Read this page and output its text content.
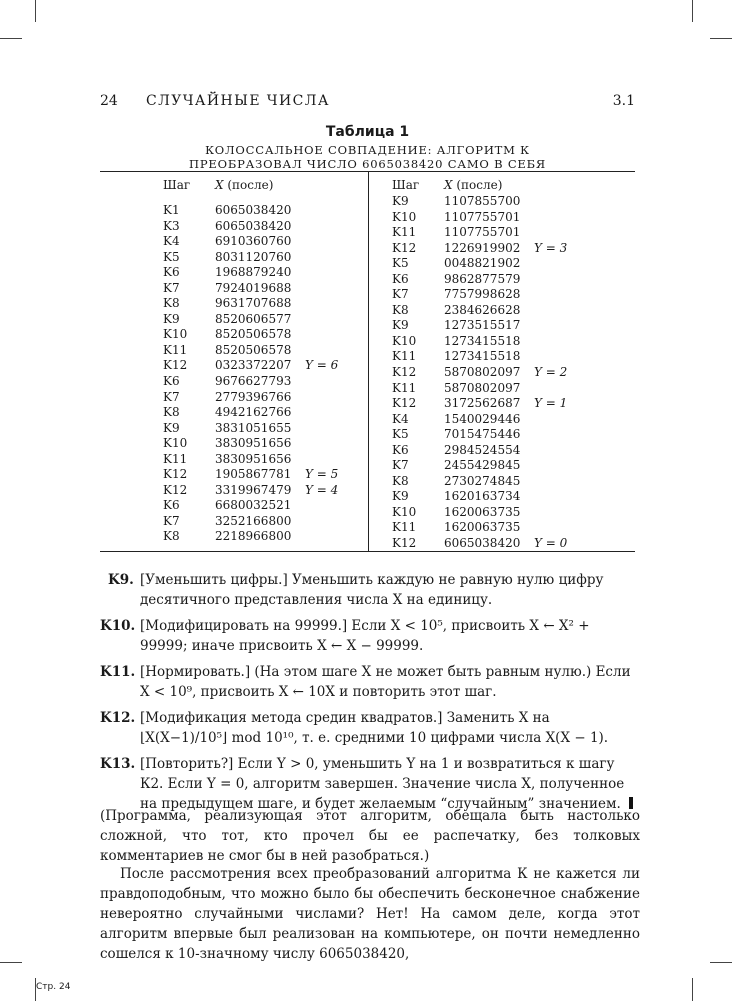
24 СЛУЧАЙНЫЕ ЧИСЛА	3.1
Таблица 1
КОЛОССАЛЬНОЕ СОВПАДЕНИЕ: АЛГОРИТМ К
ПРЕОБРАЗОВАЛ ЧИСЛО 6065038420 САМО В СЕБЯ
Шаг X (после)	Шаг X (после)
K1	6065038420
K3	6065038420
K4	6910360760
K5	8031120760
K6	1968879240
K7	7924019688
K8	9631707688
K9	8520606577
K10 8520506578
K11 8520506578
K12 0323372207 Y = 6
K6	9676627793
K7	2779396766
K8	4942162766
K9	3831051655
K10 3830951656
K11 3830951656
K12 1905867781 Y = 5
K12 3319967479 Y = 4
K6	6680032521
K7	3252166800
K8	2218966800
K9	1107855700
K10 1107755701
K11 1107755701
K12 1226919902 Y = 3
K5	0048821902
K6	9862877579
K7	7757998628
K8	2384626628
K9	1273515517
K10 1273415518
K11 1273415518
K12 5870802097 Y = 2
K11 5870802097
K12 3172562687 Y = 1
K4	1540029446
K5	7015475446
K6	2984524554
K7	2455429845
K8	2730274845
K9	1620163734
K10 1620063735
K11 1620063735
K12 6065038420 Y = 0
K9. [Уменьшить цифры.] Уменьшить каждую не равную нулю цифру десятичного представления числа X на единицу.
K10. [Модифицировать на 99999.] Если X < 10⁵, присвоить X ← X² + 99999; иначе присвоить X ← X − 99999.
K11. [Нормировать.] (На этом шаге X не может быть равным нулю.) Если X < 10⁹, присвоить X ← 10X и повторить этот шаг.
K12. [Модификация метода средин квадратов.] Заменить X на ⌊X(X−1)/10⁵⌋ mod 10¹⁰, т. е. средними 10 цифрами числа X(X − 1).
K13. [Повторить?] Если Y > 0, уменьшить Y на 1 и возвратиться к шагу К2. Если Y = 0, алгоритм завершен. Значение числа X, полученное на предыдущем шаге, и будет желаемым “случайным” значением.
(Программа, реализующая этот алгоритм, обещала быть настолько сложной, что тот, кто прочел бы ее распечатку, без толковых комментариев не смог бы в ней разобраться.)
После рассмотрения всех преобразований алгоритма К не кажется ли правдоподобным, что можно было бы обеспечить бесконечное снабжение невероятно случайными числами? Нет! На самом деле, когда этот алгоритм впервые был реализован на компьютере, он почти немедленно сошелся к 10-значному числу 6065038420,
Стр. 24
